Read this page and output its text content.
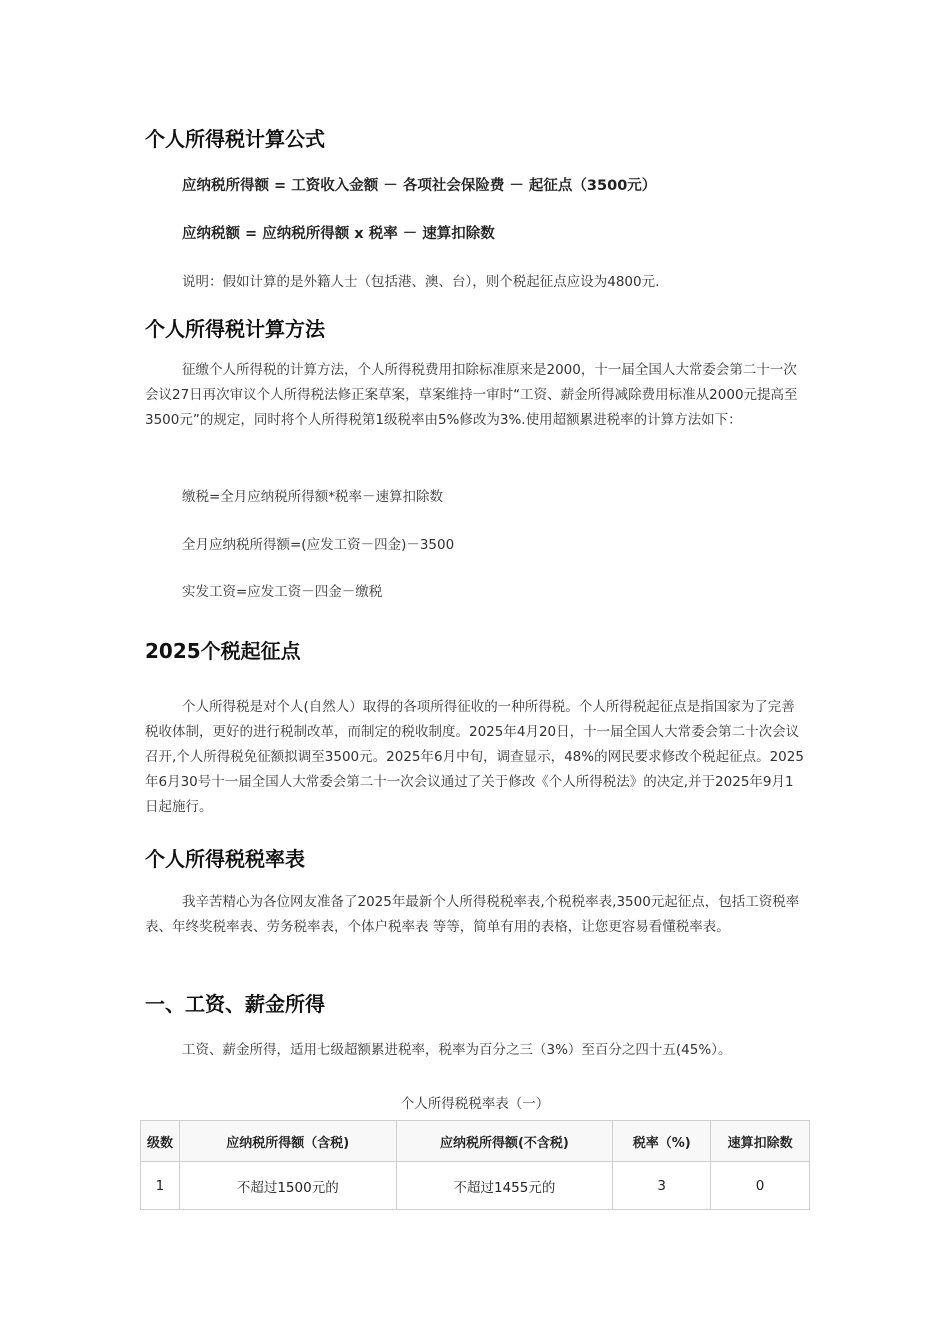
个人所得税计算公式
应纳税所得额 = 工资收入金额 － 各项社会保险费 － 起征点（3500元）
应纳税额 = 应纳税所得额 x 税率 － 速算扣除数
说明：假如计算的是外籍人士（包括港、澳、台），则个税起征点应设为4800元.
个人所得税计算方法

征缴个人所得税的计算方法，个人所得税费用扣除标准原来是2000，十一届全国人大常委会第二十一次会议27日再次审议个人所得税法修正案草案，草案维持一审时“工资、薪金所得减除费用标准从2000元提高至3500元”的规定，同时将个人所得税第1级税率由5%修改为3%.使用超额累进税率的计算方法如下：

缴税=全月应纳税所得额*税率－速算扣除数
全月应纳税所得额=(应发工资－四金)－3500
实发工资=应发工资－四金－缴税
2025个税起征点

个人所得税是对个人(自然人）取得的各项所得征收的一种所得税。个人所得税起征点是指国家为了完善税收体制，更好的进行税制改革，而制定的税收制度。2025年4月20日，十一届全国人大常委会第二十次会议召开,个人所得税免征额拟调至3500元。2025年6月中旬，调查显示，48%的网民要求修改个税起征点。2025年6月30号十一届全国人大常委会第二十一次会议通过了关于修改《个人所得税法》的决定,并于2025年9月1日起施行。

个人所得税税率表

我辛苦精心为各位网友准备了2025年最新个人所得税税率表,个税税率表,3500元起征点，包括工资税率表、年终奖税率表、劳务税率表，个体户税率表 等等，简单有用的表格，让您更容易看懂税率表。

一、工资、薪金所得
工资、薪金所得，适用七级超额累进税率，税率为百分之三（3%）至百分之四十五(45%）。
个人所得税税率表（一）
级数	应纳税所得额（含税)	应纳税所得额(不含税)	税率（%)	速算扣除数
1	不超过1500元的	不超过1455元的	3	0
